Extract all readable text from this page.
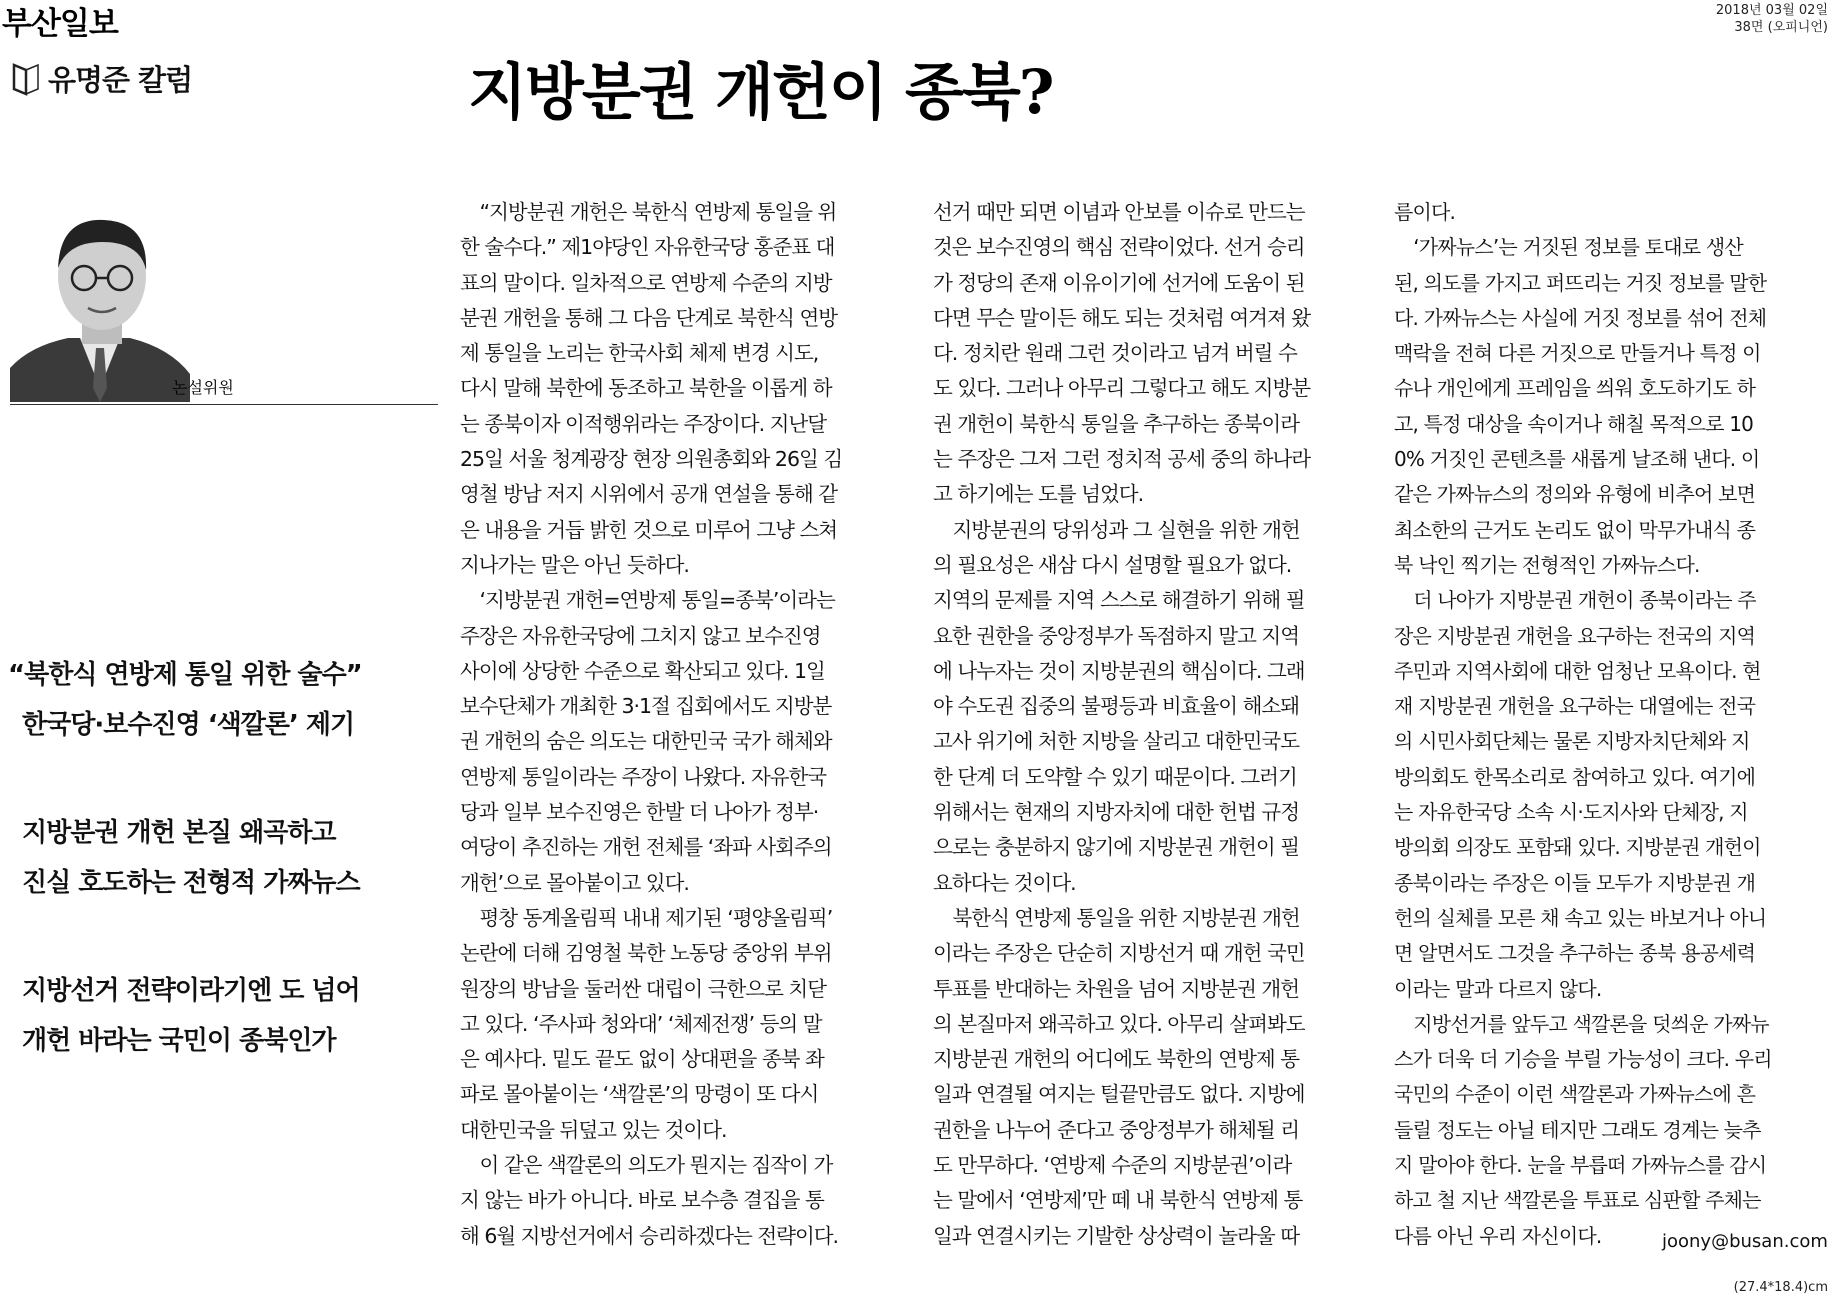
부산일보	2018년 03월 02일
38면 (오피니언)
유명준 칼럼	지방분권 개헌이 종북?
논설위원
“북한식 연방제 통일 위한 술수”
한국당·보수진영 ‘색깔론’ 제기
지방분권 개헌 본질 왜곡하고
진실 호도하는 전형적 가짜뉴스
지방선거 전략이라기엔 도 넘어
개헌 바라는 국민이 종북인가
　“지방분권 개헌은 북한식 연방제 통일을 위
한 술수다.” 제1야당인 자유한국당 홍준표 대
표의 말이다. 일차적으로 연방제 수준의 지방
분권 개헌을 통해 그 다음 단계로 북한식 연방
제 통일을 노리는 한국사회 체제 변경 시도,
다시 말해 북한에 동조하고 북한을 이롭게 하
는 종북이자 이적행위라는 주장이다. 지난달
25일 서울 청계광장 현장 의원총회와 26일 김
영철 방남 저지 시위에서 공개 연설을 통해 같
은 내용을 거듭 밝힌 것으로 미루어 그냥 스쳐
지나가는 말은 아닌 듯하다.
　‘지방분권 개헌=연방제 통일=종북’이라는
주장은 자유한국당에 그치지 않고 보수진영
사이에 상당한 수준으로 확산되고 있다. 1일
보수단체가 개최한 3·1절 집회에서도 지방분
권 개헌의 숨은 의도는 대한민국 국가 해체와
연방제 통일이라는 주장이 나왔다. 자유한국
당과 일부 보수진영은 한발 더 나아가 정부·
여당이 추진하는 개헌 전체를 ‘좌파 사회주의
개헌’으로 몰아붙이고 있다.
　평창 동계올림픽 내내 제기된 ‘평양올림픽’
논란에 더해 김영철 북한 노동당 중앙위 부위
원장의 방남을 둘러싼 대립이 극한으로 치닫
고 있다. ‘주사파 청와대’ ‘체제전쟁’ 등의 말
은 예사다. 밑도 끝도 없이 상대편을 종북 좌
파로 몰아붙이는 ‘색깔론’의 망령이 또 다시
대한민국을 뒤덮고 있는 것이다.
　이 같은 색깔론의 의도가 뭔지는 짐작이 가
지 않는 바가 아니다. 바로 보수층 결집을 통
해 6월 지방선거에서 승리하겠다는 전략이다.
선거 때만 되면 이념과 안보를 이슈로 만드는
것은 보수진영의 핵심 전략이었다. 선거 승리
가 정당의 존재 이유이기에 선거에 도움이 된
다면 무슨 말이든 해도 되는 것처럼 여겨져 왔
다. 정치란 원래 그런 것이라고 넘겨 버릴 수
도 있다. 그러나 아무리 그렇다고 해도 지방분
권 개헌이 북한식 통일을 추구하는 종북이라
는 주장은 그저 그런 정치적 공세 중의 하나라
고 하기에는 도를 넘었다.
　지방분권의 당위성과 그 실현을 위한 개헌
의 필요성은 새삼 다시 설명할 필요가 없다.
지역의 문제를 지역 스스로 해결하기 위해 필
요한 권한을 중앙정부가 독점하지 말고 지역
에 나누자는 것이 지방분권의 핵심이다. 그래
야 수도권 집중의 불평등과 비효율이 해소돼
고사 위기에 처한 지방을 살리고 대한민국도
한 단계 더 도약할 수 있기 때문이다. 그러기
위해서는 현재의 지방자치에 대한 헌법 규정
으로는 충분하지 않기에 지방분권 개헌이 필
요하다는 것이다.
　북한식 연방제 통일을 위한 지방분권 개헌
이라는 주장은 단순히 지방선거 때 개헌 국민
투표를 반대하는 차원을 넘어 지방분권 개헌
의 본질마저 왜곡하고 있다. 아무리 살펴봐도
지방분권 개헌의 어디에도 북한의 연방제 통
일과 연결될 여지는 털끝만큼도 없다. 지방에
권한을 나누어 준다고 중앙정부가 해체될 리
도 만무하다. ‘연방제 수준의 지방분권’이라
는 말에서 ‘연방제’만 떼 내 북한식 연방제 통
일과 연결시키는 기발한 상상력이 놀라울 따
름이다.
　‘가짜뉴스’는 거짓된 정보를 토대로 생산
된, 의도를 가지고 퍼뜨리는 거짓 정보를 말한
다. 가짜뉴스는 사실에 거짓 정보를 섞어 전체
맥락을 전혀 다른 거짓으로 만들거나 특정 이
슈나 개인에게 프레임을 씌워 호도하기도 하
고, 특정 대상을 속이거나 해칠 목적으로 10
0% 거짓인 콘텐츠를 새롭게 날조해 낸다. 이
같은 가짜뉴스의 정의와 유형에 비추어 보면
최소한의 근거도 논리도 없이 막무가내식 종
북 낙인 찍기는 전형적인 가짜뉴스다.
　더 나아가 지방분권 개헌이 종북이라는 주
장은 지방분권 개헌을 요구하는 전국의 지역
주민과 지역사회에 대한 엄청난 모욕이다. 현
재 지방분권 개헌을 요구하는 대열에는 전국
의 시민사회단체는 물론 지방자치단체와 지
방의회도 한목소리로 참여하고 있다. 여기에
는 자유한국당 소속 시·도지사와 단체장, 지
방의회 의장도 포함돼 있다. 지방분권 개헌이
종북이라는 주장은 이들 모두가 지방분권 개
헌의 실체를 모른 채 속고 있는 바보거나 아니
면 알면서도 그것을 추구하는 종북 용공세력
이라는 말과 다르지 않다.
　지방선거를 앞두고 색깔론을 덧씌운 가짜뉴
스가 더욱 더 기승을 부릴 가능성이 크다. 우리
국민의 수준이 이런 색깔론과 가짜뉴스에 흔
들릴 정도는 아닐 테지만 그래도 경계는 늦추
지 말아야 한다. 눈을 부릅떠 가짜뉴스를 감시
하고 철 지난 색깔론을 투표로 심판할 주체는
다름 아닌 우리 자신이다.	joony@busan.com
(27.4*18.4)cm
